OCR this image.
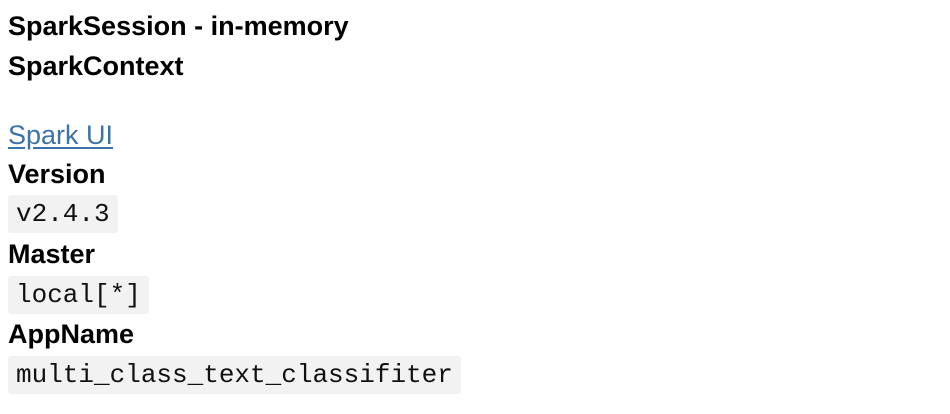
SparkSession - in-memory
SparkContext
Spark UI
Version
v2.4.3
Master
local[*]
AppName
multi_class_text_classifiter
